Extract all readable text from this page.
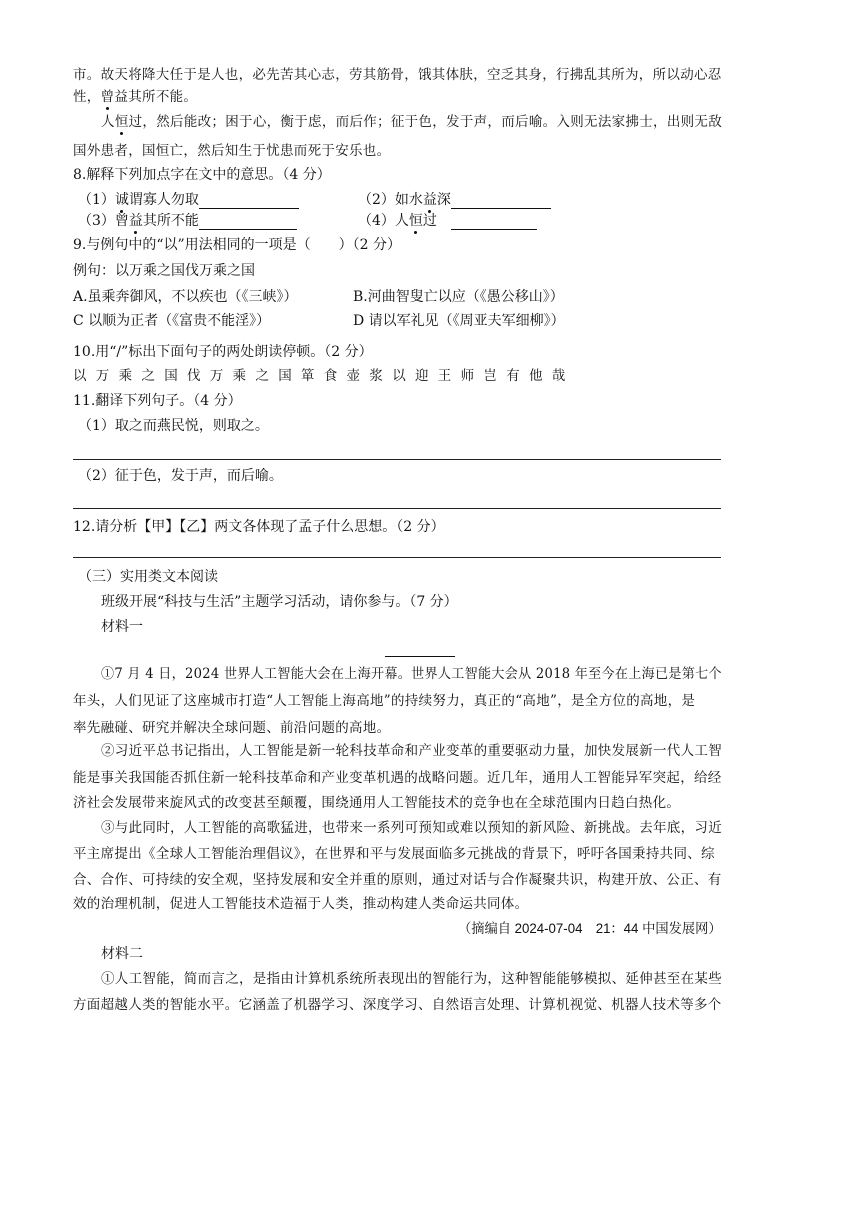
市。故天将降大任于是人也，必先苦其心志，劳其筋骨，饿其体肤，空乏其身，行拂乱其所为，所以动心忍
性，曾益其所不能。
人恒过，然后能改；困于心，衡于虑，而后作；征于色，发于声，而后喻。入则无法家拂士，出则无敌
国外患者，国恒亡，然后知生于忧患而死于安乐也。
8.解释下列加点字在文中的意思。（4 分）
（1）诚谓寡人勿取	（2）如水益深
（3）曾益其所不能	（4）人恒过
9.与例句中的“以”用法相同的一项是（　　）（2 分）
例句：以万乘之国伐万乘之国
A.虽乘奔御风，不以疾也（《三峡》）	B.河曲智叟亡以应（《愚公移山》）
C 以顺为正者（《富贵不能淫》）	D 请以军礼见（《周亚夫军细柳》）
10.用“/”标出下面句子的两处朗读停顿。（2 分）
以万乘之国伐万乘之国箪食壶浆以迎王师岂有他哉
11.翻译下列句子。（4 分）
（1）取之而燕民悦，则取之。
（2）征于色，发于声，而后喻。
12.请分析【甲】【乙】两文各体现了孟子什么思想。（2 分）
（三）实用类文本阅读
班级开展“科技与生活”主题学习活动，请你参与。（7 分）
材料一
①7 月 4 日，2024 世界人工智能大会在上海开幕。世界人工智能大会从 2018 年至今在上海已是第七个
年头，人们见证了这座城市打造“人工智能上海高地”的持续努力，真正的“高地”，是全方位的高地，是
率先融碰、研究并解决全球问题、前沿问题的高地。
②习近平总书记指出，人工智能是新一轮科技革命和产业变革的重要驱动力量，加快发展新一代人工智
能是事关我国能否抓住新一轮科技革命和产业变革机遇的战略问题。近几年，通用人工智能异军突起，给经
济社会发展带来旋风式的改变甚至颠覆，围绕通用人工智能技术的竞争也在全球范围内日趋白热化。
③与此同时，人工智能的高歌猛进，也带来一系列可预知或难以预知的新风险、新挑战。去年底，习近
平主席提出《全球人工智能治理倡议》，在世界和平与发展面临多元挑战的背景下，呼吁各国秉持共同、综
合、合作、可持续的安全观，坚持发展和安全并重的原则，通过对话与合作凝聚共识，构建开放、公正、有
效的治理机制，促进人工智能技术造福于人类，推动构建人类命运共同体。
（摘编自 2024-07-04　21：44 中国发展网）
材料二
①人工智能，简而言之，是指由计算机系统所表现出的智能行为，这种智能能够模拟、延伸甚至在某些
方面超越人类的智能水平。它涵盖了机器学习、深度学习、自然语言处理、计算机视觉、机器人技术等多个
